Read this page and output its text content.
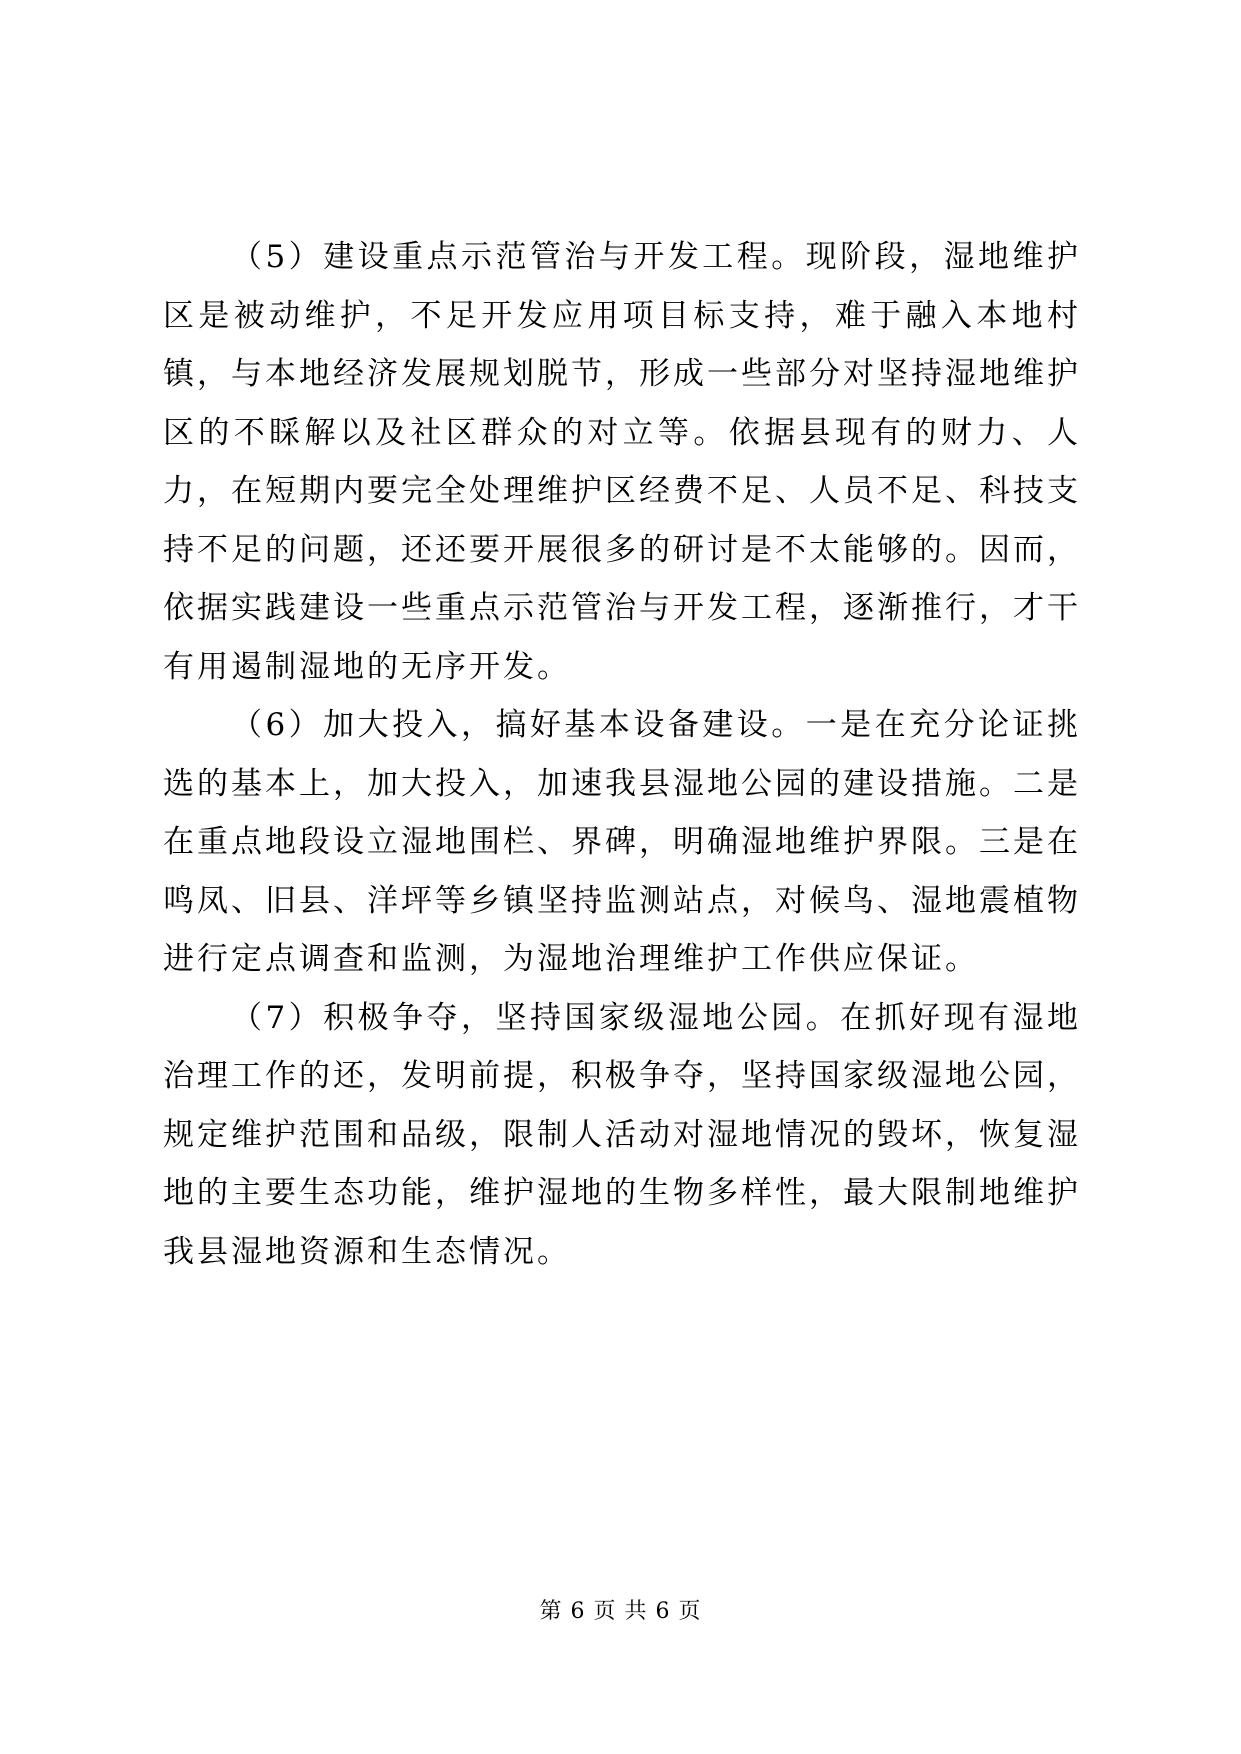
（5）建设重点示范管治与开发工程。现阶段，湿地维护区是被动维护，不足开发应用项目标支持，难于融入本地村镇，与本地经济发展规划脱节，形成一些部分对坚持湿地维护区的不睬解以及社区群众的对立等。依据县现有的财力、人力，在短期内要完全处理维护区经费不足、人员不足、科技支持不足的问题，还还要开展很多的研讨是不太能够的。因而，依据实践建设一些重点示范管治与开发工程，逐渐推行，才干有用遏制湿地的无序开发。

（6）加大投入，搞好基本设备建设。一是在充分论证挑选的基本上，加大投入，加速我县湿地公园的建设措施。二是在重点地段设立湿地围栏、界碑，明确湿地维护界限。三是在鸣凤、旧县、洋坪等乡镇坚持监测站点，对候鸟、湿地震植物进行定点调查和监测，为湿地治理维护工作供应保证。

（7）积极争夺，坚持国家级湿地公园。在抓好现有湿地治理工作的还，发明前提，积极争夺，坚持国家级湿地公园，规定维护范围和品级，限制人活动对湿地情况的毁坏，恢复湿地的主要生态功能，维护湿地的生物多样性，最大限制地维护我县湿地资源和生态情况。

第 6 页 共 6 页
